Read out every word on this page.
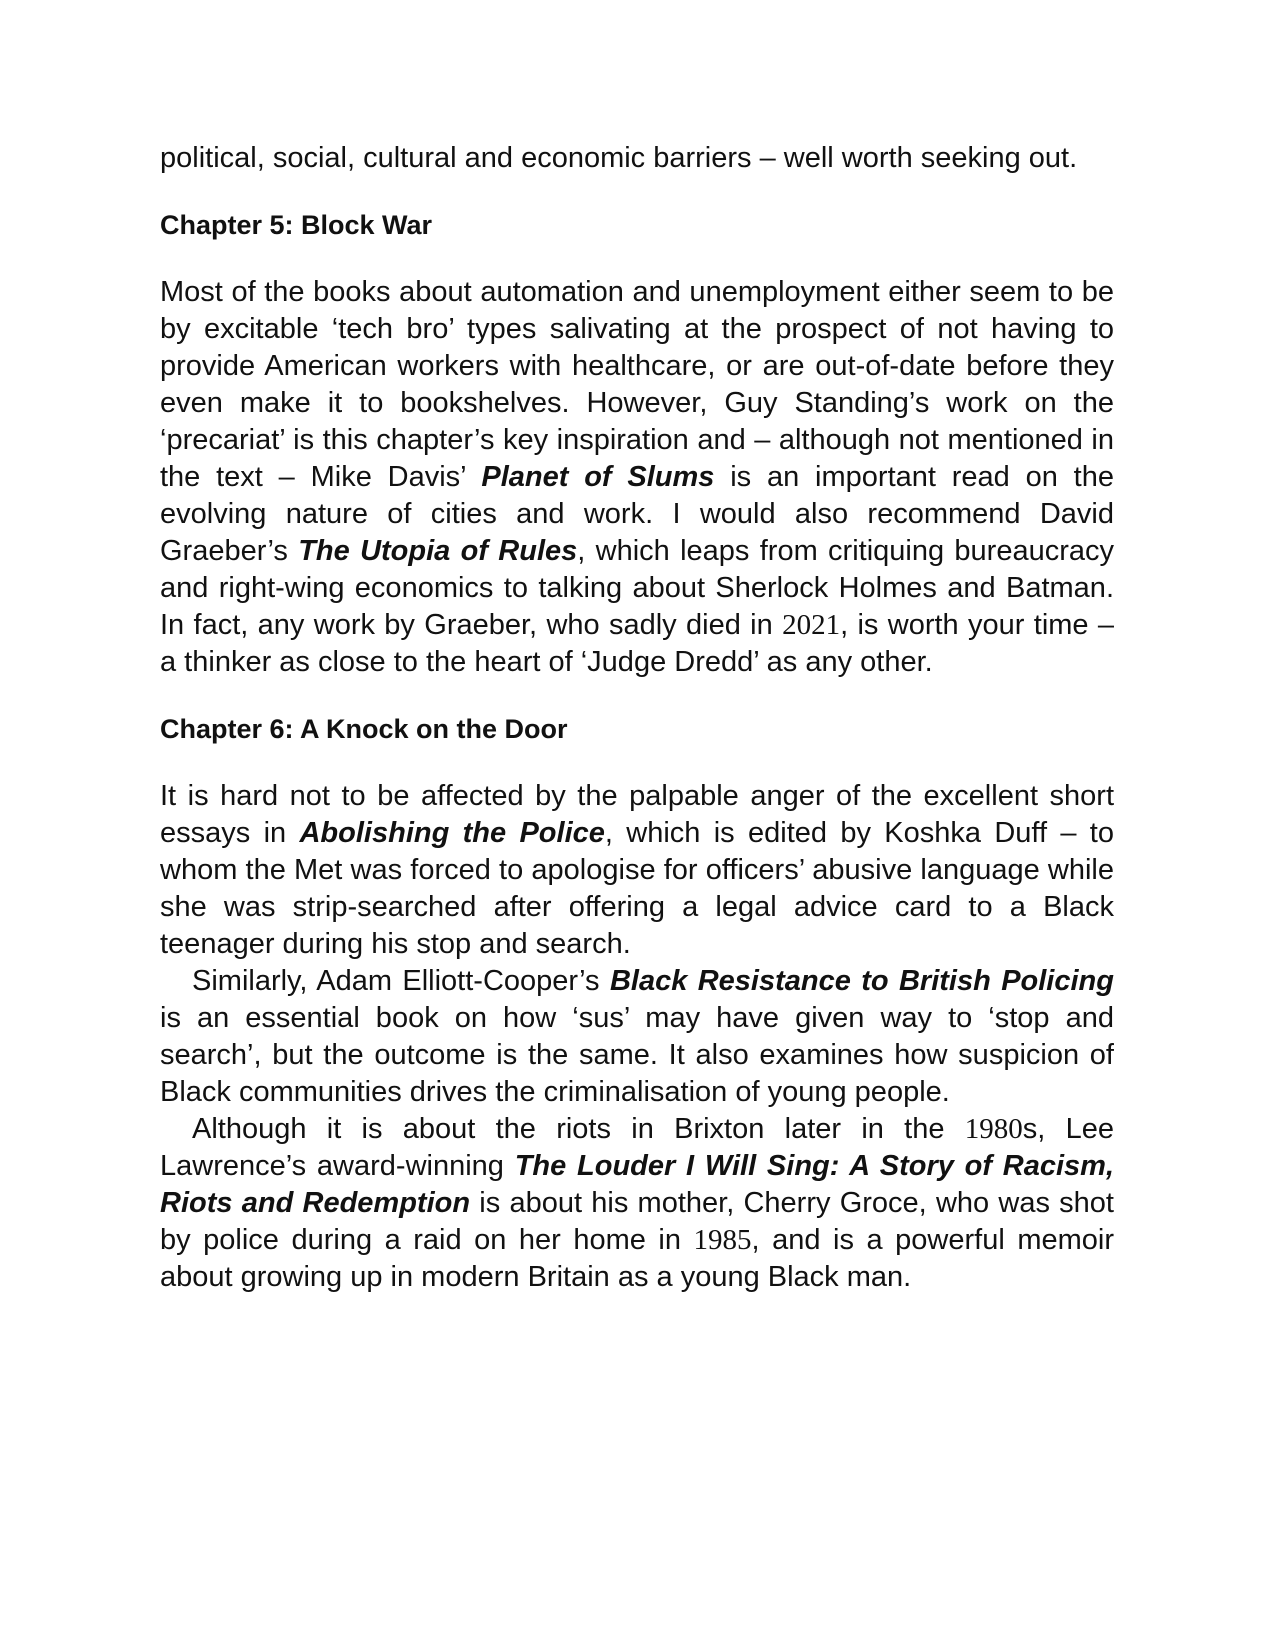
political, social, cultural and economic barriers – well worth seeking out.

Chapter 5: Block War

Most of the books about automation and unemployment either seem to be by excitable ‘tech bro’ types salivating at the prospect of not having to provide American workers with healthcare, or are out-of-date before they even make it to bookshelves. However, Guy Standing’s work on the ‘precariat’ is this chapter’s key inspiration and – although not mentioned in the text – Mike Davis’ Planet of Slums is an important read on the evolving nature of cities and work. I would also recommend David Graeber’s The Utopia of Rules, which leaps from critiquing bureaucracy and right-wing economics to talking about Sherlock Holmes and Batman. In fact, any work by Graeber, who sadly died in 2021, is worth your time – a thinker as close to the heart of ‘Judge Dredd’ as any other.

Chapter 6: A Knock on the Door

It is hard not to be affected by the palpable anger of the excellent short essays in Abolishing the Police, which is edited by Koshka Duff – to whom the Met was forced to apologise for officers’ abusive language while she was strip-searched after offering a legal advice card to a Black teenager during his stop and search.

Similarly, Adam Elliott-Cooper’s Black Resistance to British Policing is an essential book on how ‘sus’ may have given way to ‘stop and search’, but the outcome is the same. It also examines how suspicion of Black communities drives the criminalisation of young people.

Although it is about the riots in Brixton later in the 1980s, Lee Lawrence’s award-winning The Louder I Will Sing: A Story of Racism, Riots and Redemption is about his mother, Cherry Groce, who was shot by police during a raid on her home in 1985, and is a powerful memoir about growing up in modern Britain as a young Black man.
